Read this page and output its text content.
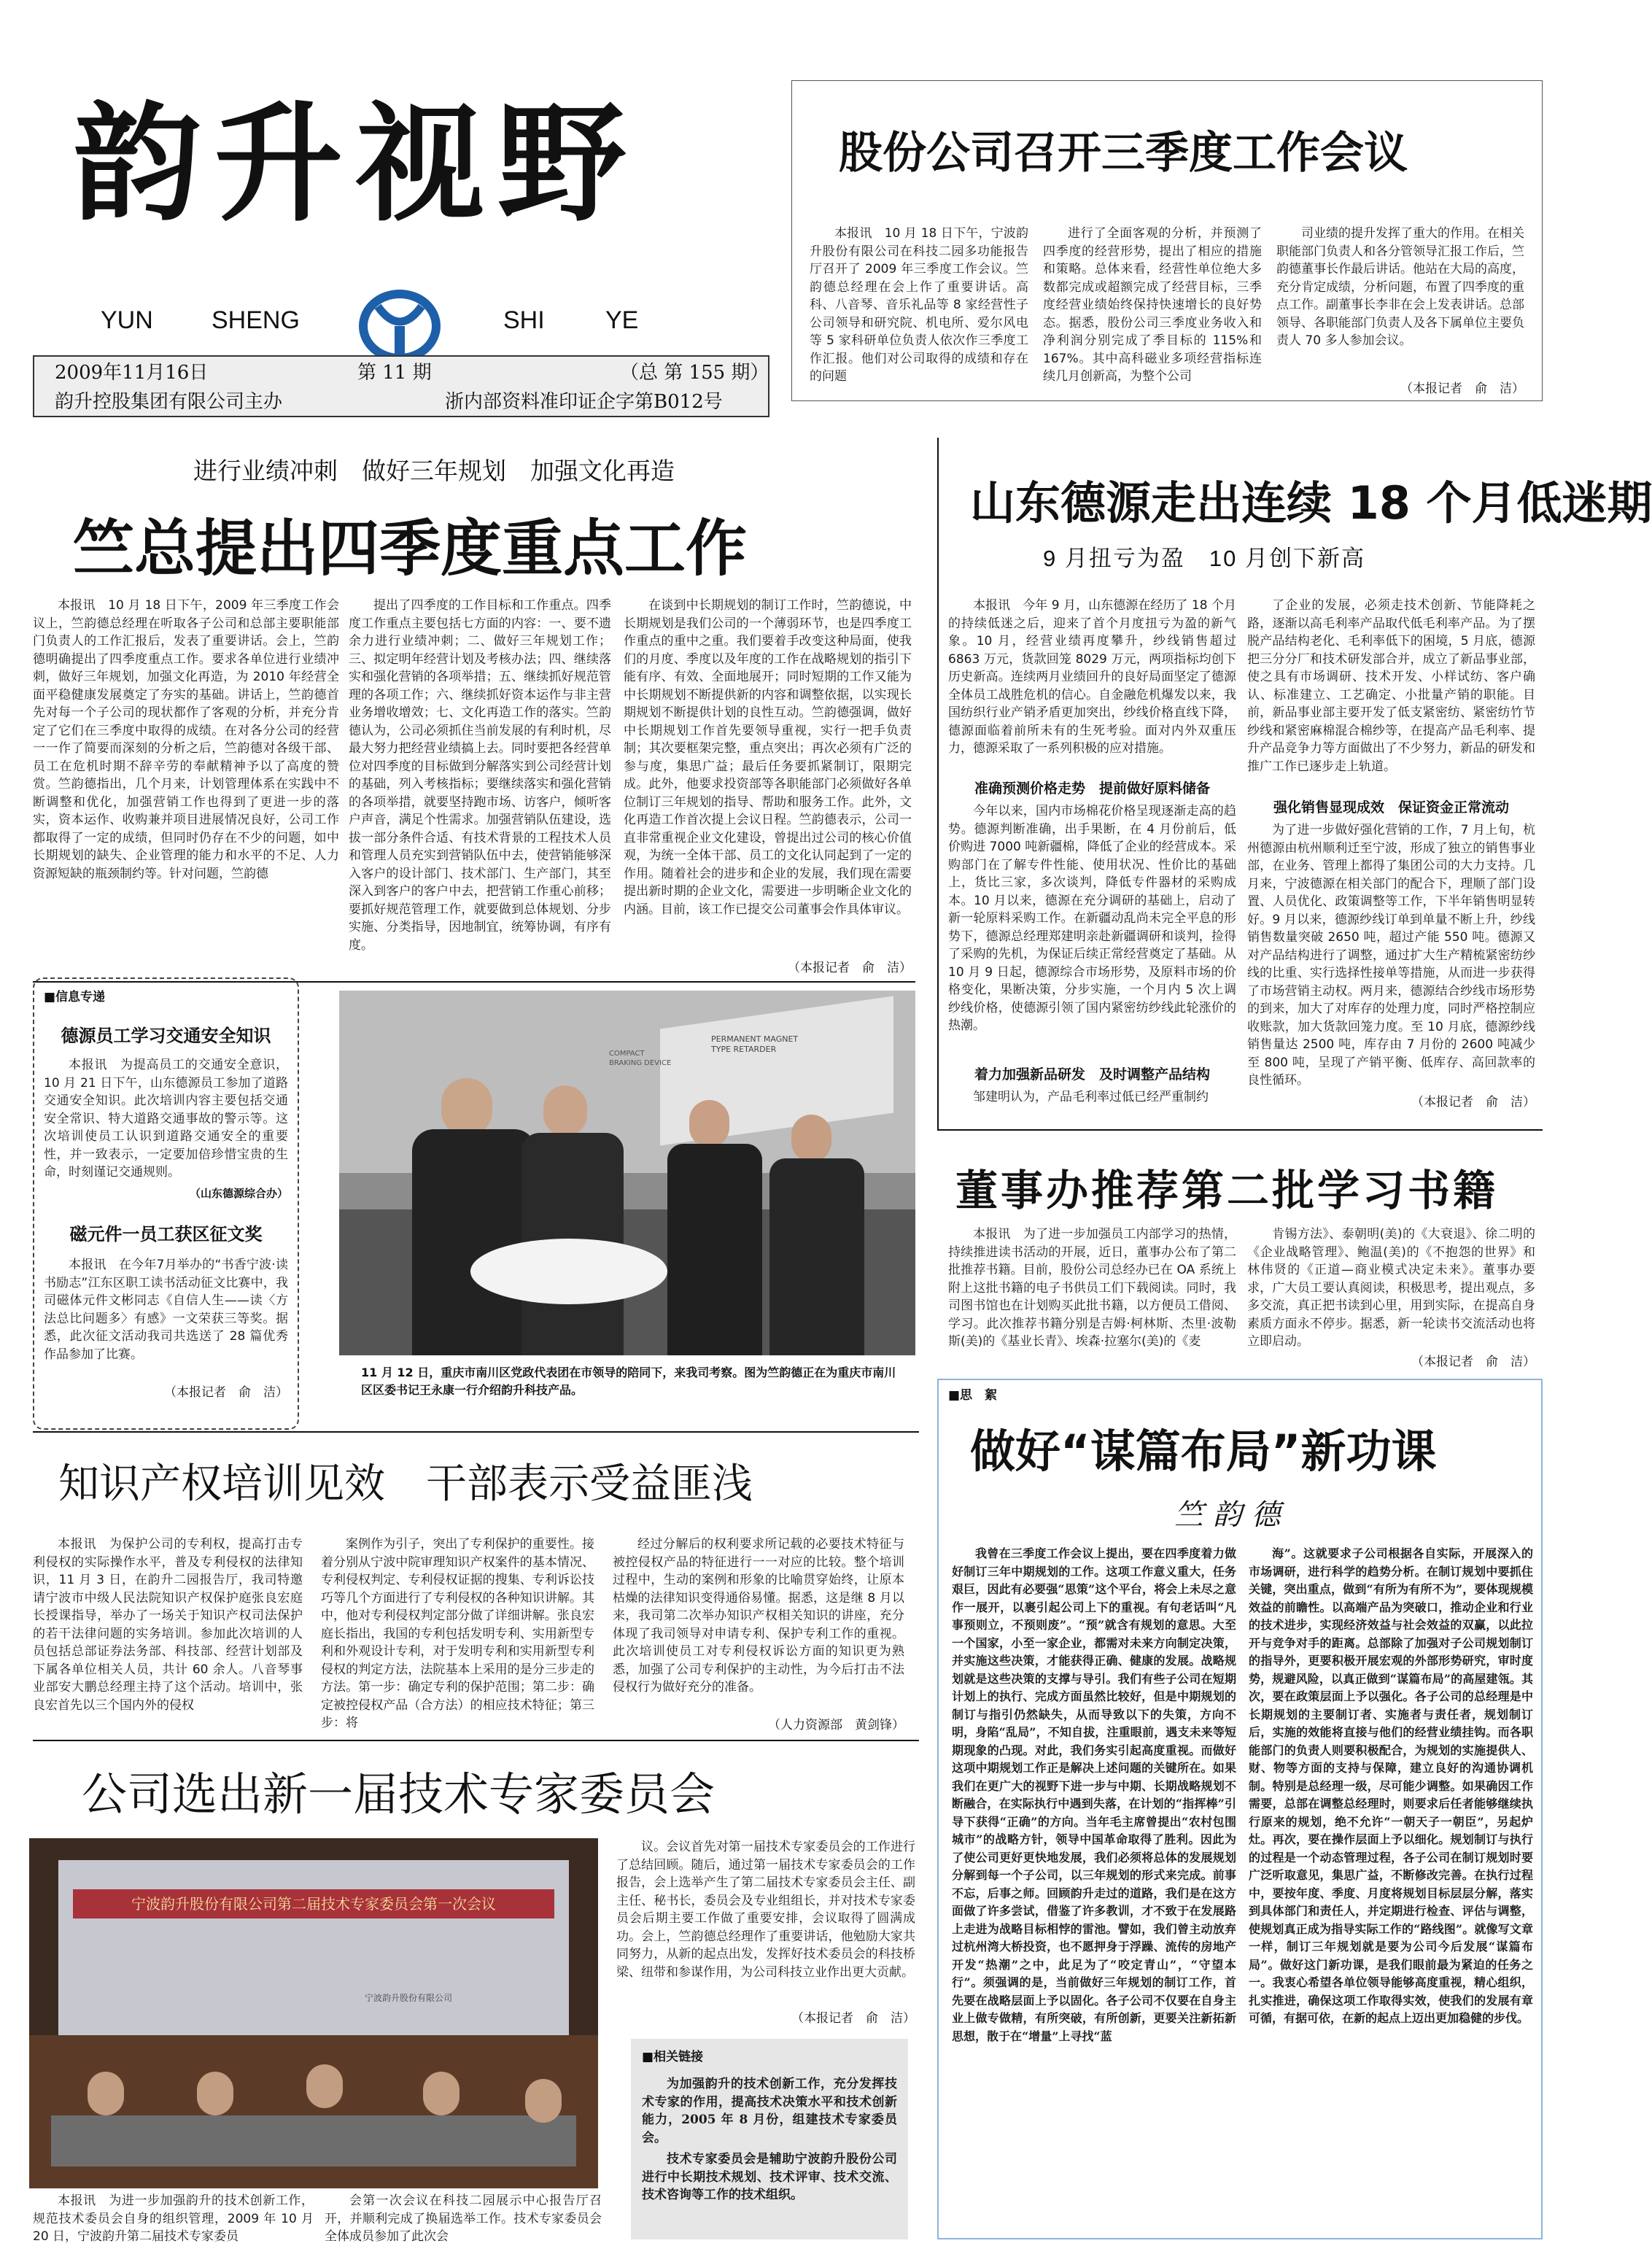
韵升视野
YUN SHENG	SHI YE
2009年11月16日	第 11 期	（总 第 155 期）
韵升控股集团有限公司主办	浙内部资料准印证企字第B012号
股份公司召开三季度工作会议

本报讯　10 月 18 日下午，宁波韵升股份有限公司在科技二园多功能报告厅召开了 2009 年三季度工作会议。竺韵德总经理在会上作了重要讲话。高科、八音琴、音乐礼品等 8 家经营性子公司领导和研究院、机电所、爱尔风电等 5 家科研单位负责人依次作三季度工作汇报。他们对公司取得的成绩和存在的问题

进行了全面客观的分析，并预测了四季度的经营形势，提出了相应的措施和策略。总体来看，经营性单位绝大多数都完成或超额完成了经营目标，三季度经营业绩始终保持快速增长的良好势态。据悉，股份公司三季度业务收入和净利润分别完成了季目标的 115%和167%。其中高科磁业多项经营指标连续几月创新高，为整个公司

司业绩的提升发挥了重大的作用。在相关职能部门负责人和各分管领导汇报工作后，竺韵德董事长作最后讲话。他站在大局的高度，充分肯定成绩，分析问题，布置了四季度的重点工作。副董事长李非在会上发表讲话。总部领导、各职能部门负责人及各下属单位主要负责人 70 多人参加会议。

（本报记者　俞　洁）
进行业绩冲刺　做好三年规划　加强文化再造
竺总提出四季度重点工作

本报讯　10 月 18 日下午，2009 年三季度工作会议上，竺韵德总经理在听取各子公司和总部主要职能部门负责人的工作汇报后，发表了重要讲话。会上，竺韵德明确提出了四季度重点工作。要求各单位进行业绩冲刺，做好三年规划，加强文化再造，为 2010 年经营全面平稳健康发展奠定了夯实的基础。讲话上，竺韵德首先对每一个子公司的现状都作了客观的分析，并充分肯定了它们在三季度中取得的成绩。在对各分公司的经营一一作了简要而深刻的分析之后，竺韵德对各级干部、员工在危机时期不辞辛劳的奉献精神予以了高度的赞赏。竺韵德指出，几个月来，计划管理体系在实践中不断调整和优化，加强营销工作也得到了更进一步的落实，资本运作、收购兼并项目进展情况良好，公司工作都取得了一定的成绩，但同时仍存在不少的问题，如中长期规划的缺失、企业管理的能力和水平的不足、人力资源短缺的瓶颈制约等。针对问题，竺韵德

提出了四季度的工作目标和工作重点。四季度工作重点主要包括七方面的内容：一、要不遗余力进行业绩冲刺；二、做好三年规划工作；三、拟定明年经营计划及考核办法；四、继续落实和强化营销的各项举措；五、继续抓好规范管理的各项工作；六、继续抓好资本运作与非主营业务增收增效；七、文化再造工作的落实。竺韵德认为，公司必须抓住当前发展的有利时机，尽最大努力把经营业绩搞上去。同时要把各经营单位对四季度的目标做到分解落实到公司经营计划的基础，列入考核指标；要继续落实和强化营销的各项举措，就要坚持跑市场、访客户，倾听客户声音，满足个性需求。加强营销队伍建设，选拔一部分条件合适、有技术背景的工程技术人员和管理人员充实到营销队伍中去，使营销能够深入客户的设计部门、技术部门、生产部门，其至深入到客户的客户中去，把营销工作重心前移；要抓好规范管理工作，就要做到总体规划、分步实施、分类指导，因地制宜，统筹协调，有序有度。

在谈到中长期规划的制订工作时，竺韵德说，中长期规划是我们公司的一个薄弱环节，也是四季度工作重点的重中之重。我们要着手改变这种局面，使我们的月度、季度以及年度的工作在战略规划的指引下能有序、有效、全面地展开；同时短期的工作又能为中长期规划不断提供新的内容和调整依据，以实现长期规划不断提供计划的良性互动。竺韵德强调，做好中长期规划工作首先要领导重视，实行一把手负责制；其次要框架完整，重点突出；再次必须有广泛的参与度，集思广益；最后任务要抓紧制订，限期完成。此外，他要求投资部等各职能部门必须做好各单位制订三年规划的指导、帮助和服务工作。此外，文化再造工作首次提上会议日程。竺韵德表示，公司一直非常重视企业文化建设，曾提出过公司的核心价值观，为统一全体干部、员工的文化认同起到了一定的作用。随着社会的进步和企业的发展，我们现在需要提出新时期的企业文化，需要进一步明晰企业文化的内涵。目前，该工作已提交公司董事会作具体审议。

（本报记者　俞　洁）
山东德源走出连续 18 个月低迷期
9 月扭亏为盈　10 月创下新高

本报讯　今年 9 月，山东德源在经历了 18 个月的持续低迷之后，迎来了首个月度扭亏为盈的新气象。10 月，经营业绩再度攀升，纱线销售超过 6863 万元，货款回笼 8029 万元，两项指标均创下历史新高。连续两月业绩回升的良好局面坚定了德源全体员工战胜危机的信心。自金融危机爆发以来，我国纺织行业产销矛盾更加突出，纱线价格直线下降，德源面临着前所未有的生死考验。面对内外双重压力，德源采取了一系列积极的应对措施。

准确预测价格走势　提前做好原料储备

今年以来，国内市场棉花价格呈现逐渐走高的趋势。德源判断准确，出手果断，在 4 月份前后，低价购进 7000 吨新疆棉，降低了企业的经营成本。采购部门在了解专件性能、使用状况、性价比的基础上，货比三家，多次谈判，降低专件器材的采购成本。10 月以来，德源在充分调研的基础上，启动了新一轮原料采购工作。在新疆动乱尚未完全平息的形势下，德源总经理郑建明亲赴新疆调研和谈判，捡得了采购的先机，为保证后续正常经营奠定了基础。从 10 月 9 日起，德源综合市场形势，及原料市场的价格变化，果断决策，分步实施，一个月内 5 次上调纱线价格，使德源引领了国内紧密纺纱线此轮涨价的热潮。

着力加强新品研发　及时调整产品结构

邹建明认为，产品毛利率过低已经严重制约

了企业的发展，必须走技术创新、节能降耗之路，逐渐以高毛利率产品取代低毛利率产品。为了摆脱产品结构老化、毛利率低下的困境，5 月底，德源把三分分厂和技术研发部合并，成立了新品事业部，使之具有市场调研、技术开发、小样试纺、客户确认、标准建立、工艺确定、小批量产销的职能。目前，新品事业部主要开发了低支紧密纺、紧密纺竹节纱线和紧密麻棉混合棉纱等，在提高产品毛利率、提升产品竞争力等方面做出了不少努力，新品的研发和推广工作已逐步走上轨道。

强化销售显现成效　保证资金正常流动

为了进一步做好强化营销的工作，7 月上旬，杭州德源由杭州顺利迁至宁波，形成了独立的销售事业部，在业务、管理上都得了集团公司的大力支持。几月来，宁波德源在相关部门的配合下，理顺了部门设置、人员优化、政策调整等工作，下半年销售明显转好。9 月以来，德源纱线订单到单量不断上升，纱线销售数量突破 2650 吨，超过产能 550 吨。德源又对产品结构进行了调整，通过扩大生产精梳紧密纺纱线的比重、实行选择性接单等措施，从而进一步获得了市场营销主动权。两月来，德源结合纱线市场形势的到来，加大了对库存的处理力度，同时严格控制应收账款，加大货款回笼力度。至 10 月底，德源纱线销售量达 2500 吨，库存由 7 月份的 2600 吨减少至 800 吨，呈现了产销平衡、低库存、高回款率的良性循环。

（本报记者　俞　洁）
董事办推荐第二批学习书籍

本报讯　为了进一步加强员工内部学习的热情，持续推进读书活动的开展，近日，董事办公布了第二批推荐书籍。目前，股份公司总经办已在 OA 系统上附上这批书籍的电子书供员工们下载阅读。同时，我司图书馆也在计划购买此批书籍，以方便员工借阅、学习。此次推荐书籍分别是吉姆·柯林斯、杰里·波勒斯(美)的《基业长青》、埃森·拉塞尔(美)的《麦

肯锡方法》、泰朝明(美)的《大衰退》、徐二明的《企业战略管理》、鲍温(美)的《不抱怨的世界》和林伟贤的《正道—商业模式决定未来》。董事办要求，广大员工要认真阅读，积极思考，提出观点，多多交流，真正把书读到心里，用到实际，在提高自身素质方面永不停步。据悉，新一轮读书交流活动也将立即启动。

（本报记者　俞　洁）
■信息专递
德源员工学习交通安全知识

本报讯　为提高员工的交通安全意识，10 月 21 日下午，山东德源员工参加了道路交通安全知识。此次培训内容主要包括交通安全常识、特大道路交通事故的警示等。这次培训使员工认识到道路交通安全的重要性，并一致表示，一定要加倍珍惜宝贵的生命，时刻谨记交通规则。

（山东德源综合办）
磁元件一员工获区征文奖

本报讯　在今年7月举办的“书香宁波·读书励志”江东区职工读书活动征文比赛中，我司磁体元件文彬同志《自信人生——读〈方法总比问题多〉有感》一文荣获三等奖。据悉，此次征文活动我司共选送了 28 篇优秀作品参加了比赛。

（本报记者　俞　洁）
PERMANENT MAGNET TYPE RETARDER
COMPACT BRAKING DEVICE
11 月 12 日，重庆市南川区党政代表团在市领导的陪同下，来我司考察。图为竺韵德正在为重庆市南川区区委书记王永康一行介绍韵升科技产品。
知识产权培训见效　干部表示受益匪浅

本报讯　为保护公司的专利权，提高打击专利侵权的实际操作水平，普及专利侵权的法律知识，11 月 3 日，在韵升二园报告厅，我司特邀请宁波市中级人民法院知识产权保护庭张良宏庭长授课指导，举办了一场关于知识产权司法保护的若干法律问题的实务培训。参加此次培训的人员包括总部证券法务部、科技部、经营计划部及下属各单位相关人员，共计 60 余人。八音琴事业部安大鹏总经理主持了这个活动。培训中，张良宏首先以三个国内外的侵权

案例作为引子，突出了专利保护的重要性。接着分别从宁波中院审理知识产权案件的基本情况、专利侵权判定、专利侵权证据的搜集、专利诉讼技巧等几个方面进行了专利侵权的各种知识讲解。其中，他对专利侵权判定部分做了详细讲解。张良宏庭长指出，我国的专利包括发明专利、实用新型专利和外观设计专利，对于发明专利和实用新型专利侵权的判定方法，法院基本上采用的是分三步走的方法。第一步：确定专利的保护范围；第二步：确定被控侵权产品（合方法）的相应技术特征；第三步：将

经过分解后的权利要求所记载的必要技术特征与被控侵权产品的特征进行一一对应的比较。整个培训过程中，生动的案例和形象的比喻贯穿始终，让原本枯燥的法律知识变得通俗易懂。据悉，这是继 8 月以来，我司第二次举办知识产权相关知识的讲座，充分体现了我司领导对申请专利、保护专利工作的重视。此次培训使员工对专利侵权诉讼方面的知识更为熟悉，加强了公司专利保护的主动性，为今后打击不法侵权行为做好充分的准备。

（人力资源部　黄剑锋）
公司选出新一届技术专家委员会
宁波韵升股份有限公司第二届技术专家委员会第一次会议
宁波韵升股份有限公司

议。会议首先对第一届技术专家委员会的工作进行了总结回顾。随后，通过第一届技术专家委员会的工作报告，会上选举产生了第二届技术专家委员会主任、副主任、秘书长，委员会及专业组组长，并对技术专家委员会后期主要工作做了重要安排，会议取得了圆满成功。会上，竺韵德总经理作了重要讲话，他勉励大家共同努力，从新的起点出发，发挥好技术委员会的科技桥梁、纽带和参谋作用，为公司科技立业作出更大贡献。

（本报记者　俞　洁）

本报讯　为进一步加强韵升的技术创新工作，规范技术委员会自身的组织管理，2009 年 10 月 20 日，宁波韵升第二届技术专家委员

会第一次会议在科技二园展示中心报告厅召开，并顺利完成了换届选举工作。技术专家委员会全体成员参加了此次会

■相关链接

为加强韵升的技术创新工作，充分发挥技术专家的作用，提高技术决策水平和技术创新能力，2005 年 8 月份，组建技术专家委员会。

技术专家委员会是辅助宁波韵升股份公司进行中长期技术规划、技术评审、技术交流、技术咨询等工作的技术组织。

■思　絮
做好“谋篇布局”新功课
竺 韵 德

我曾在三季度工作会议上提出，要在四季度着力做好制订三年中期规划的工作。这项工作意义重大，任务艰巨，因此有必要强“思策”这个平台，将会上未尽之意作一展开，以裹引起公司上下的重视。有句老话叫“凡事预则立，不预则废”。“预”就含有规划的意思。大至一个国家，小至一家企业，都需对未来方向制定决策，并实施这些决策，才能获得正确、健康的发展。战略规划就是这些决策的支撑与导引。我们有些子公司在短期计划上的执行、完成方面虽然比较好，但是中期规划的制订与指引仍然缺失，从而导致以下的失策，方向不明，身陷“乱局”，不知自拔，注重眼前，遇支未来等短期现象的凸现。对此，我们务实引起高度重视。而做好这项中期规划工作正是解决上述问题的关键所在。如果我们在更广大的视野下进一步与中期、长期战略规划不断融合，在实际执行中遇到失落，在计划的“指挥棒”引导下获得“正确”的方向。当年毛主席曾提出“农村包围城市”的战略方针，领导中国革命取得了胜利。因此为了使公司更好更快地发展，我们必须将总体的发展规划分解到每一个子公司，以三年规划的形式来完成。前事不忘，后事之师。回顾韵升走过的道路，我们是在这方面做了许多尝试，借鉴了许多教训，才不致于在发展路上走进为战略目标相悖的雷池。譬如，我们曾主动放弃过杭州湾大桥投资，也不愿押身于浮躁、流传的房地产开发“热潮”之中，此足为了“咬定青山”，“守望本行”。须强调的是，当前做好三年规划的制订工作，首先要在战略层面上予以固化。各子公司不仅要在自身主业上做专做精，有所突破，有所创新，更要关注新拓新思想，散于在“增量”上寻找“蓝

海”。这就要求子公司根据各自实际，开展深入的市场调研，进行科学的趋势分析。在制订规划中要抓住关键，突出重点，做到“有所为有所不为”，要体现规模效益的前瞻性。以高端产品为突破口，推动企业和行业的技术进步，实现经济效益与社会效益的双赢，以此拉开与竞争对手的距离。总部除了加强对子公司规划制订的指导外，更要积极开展宏观的外部形势研究，审时度势，规避风险，以真正做到“谋篇布局”的高屋建瓴。其次，要在政策层面上予以强化。各子公司的总经理是中长期规划的主要制订者、实施者与责任者，规划制订后，实施的效能将直接与他们的经营业绩挂钩。而各职能部门的负责人则要积极配合，为规划的实施提供人、财、物等方面的支持与保障，建立良好的沟通协调机制。特别是总经理一级，尽可能少调整。如果确因工作需要，总部在调整总经理时，则要求后任者能够继续执行原来的规划，绝不允许“一朝天子一朝臣”，另起炉灶。再次，要在操作层面上予以细化。规划制订与执行的过程是一个动态管理过程，各子公司在制订规划时要广泛听取意见，集思广益，不断修改完善。在执行过程中，要按年度、季度、月度将规划目标层层分解，落实到具体部门和责任人，并定期进行检查、评估与调整，使规划真正成为指导实际工作的“路线图”。就像写文章一样，制订三年规划就是要为公司今后发展“谋篇布局”。做好这门新功课，是我们眼前最为紧迫的任务之一。我衷心希望各单位领导能够高度重视，精心组织，扎实推进，确保这项工作取得实效，使我们的发展有章可循，有据可依，在新的起点上迈出更加稳健的步伐。
